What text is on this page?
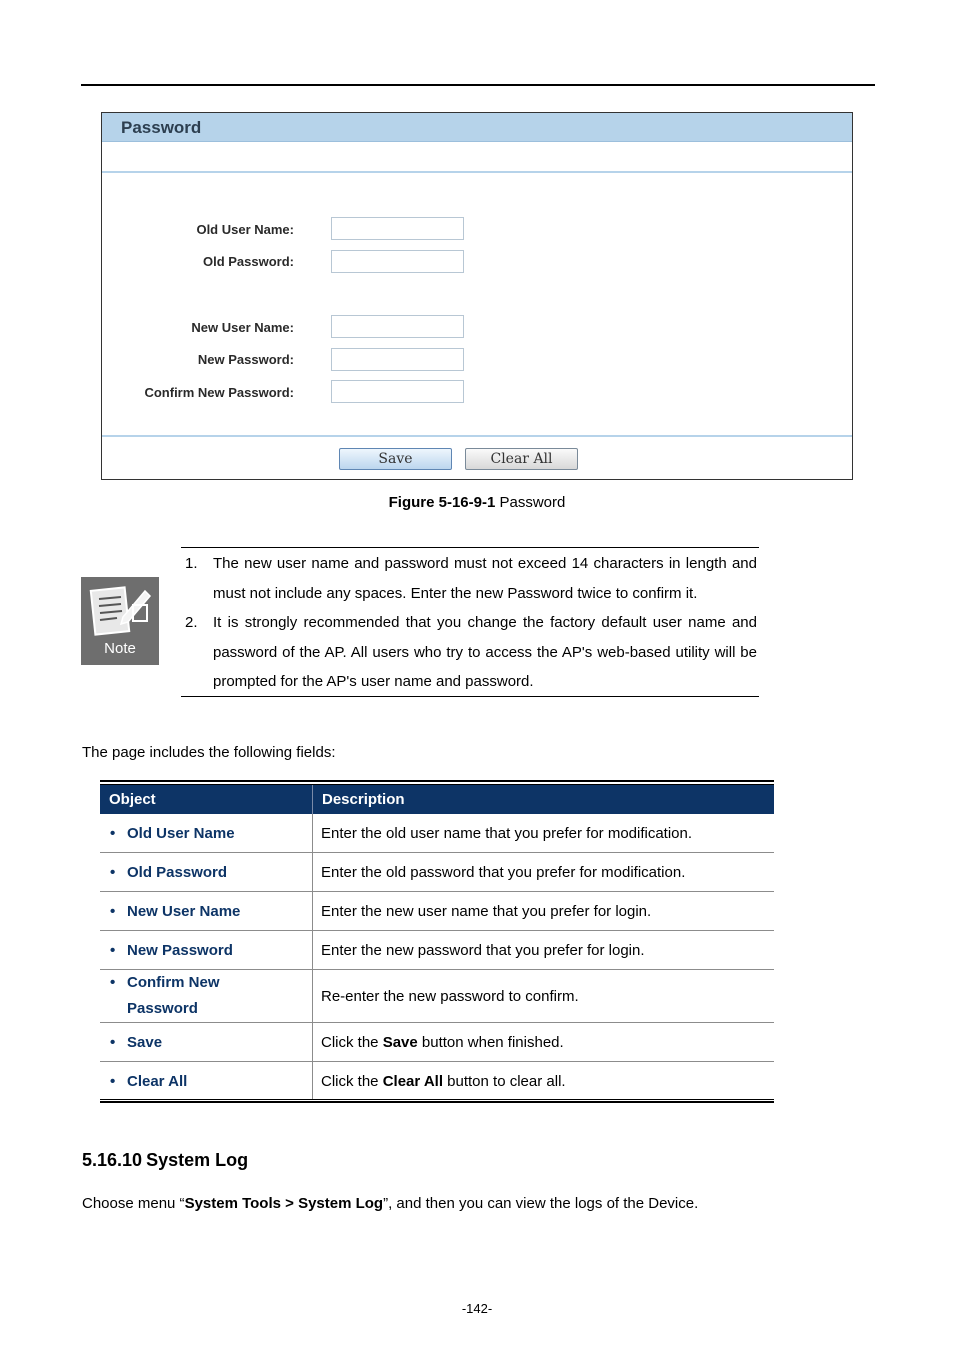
Password
Old User Name:
Old Password:
New User Name:
New Password:
Confirm New Password:
Save	Clear All
Figure 5-16-9-1 Password
Note
1. The new user name and password must not exceed 14 characters in length and must not include any spaces. Enter the new Password twice to confirm it.
2. It is strongly recommended that you change the factory default user name and password of the AP. All users who try to access the AP's web-based utility will be prompted for the AP's user name and password.
The page includes the following fields:
Object	Description
• Old User Name	Enter the old user name that you prefer for modification.
• Old Password	Enter the old password that you prefer for modification.
• New User Name	Enter the new user name that you prefer for login.
• New Password	Enter the new password that you prefer for login.
• Confirm New
Password	Re-enter the new password to confirm.
• Save	Click the Save button when finished.
• Clear All	Click the Clear All button to clear all.
5.16.10 System Log
Choose menu “System Tools > System Log”, and then you can view the logs of the Device.
-142-
